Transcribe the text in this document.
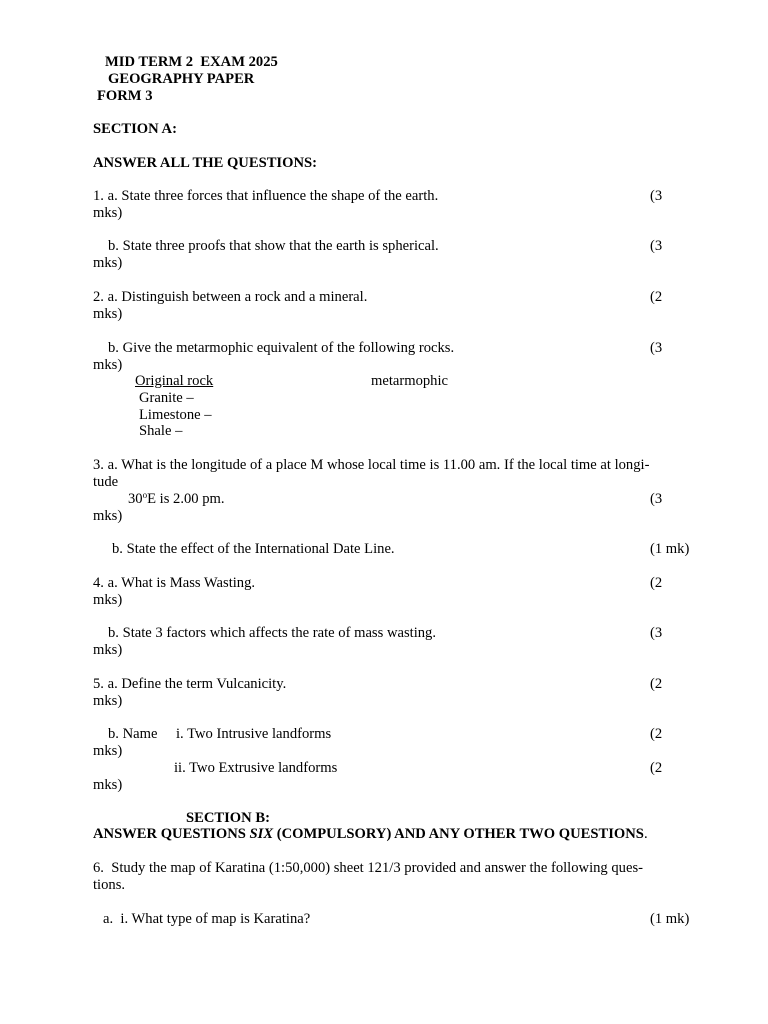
MID TERM 2  EXAM 2025
GEOGRAPHY PAPER
FORM 3
SECTION A:
ANSWER ALL THE QUESTIONS:
1. a. State three forces that influence the shape of the earth.	(3
mks)
b. State three proofs that show that the earth is spherical.	(3
mks)
2. a. Distinguish between a rock and a mineral.	(2
mks)
b. Give the metarmophic equivalent of the following rocks.	(3
mks)
Original rock	metarmophic
Granite –
Limestone –
Shale –
3. a. What is the longitude of a place M whose local time is 11.00 am. If the local time at longi-
tude
30$^o$E is 2.00 pm.	(3
mks)
b. State the effect of the International Date Line.	(1 mk)
4. a. What is Mass Wasting.	(2
mks)
b. State 3 factors which affects the rate of mass wasting.	(3
mks)
5. a. Define the term Vulcanicity.	(2
mks)
b. Name i. Two Intrusive landforms	(2
mks)
ii. Two Extrusive landforms	(2
mks)
SECTION B:
ANSWER QUESTIONS SIX (COMPULSORY) AND ANY OTHER TWO QUESTIONS.
6.  Study the map of Karatina (1:50,000) sheet 121/3 provided and answer the following ques-
tions.
a.  i. What type of map is Karatina?	(1 mk)
